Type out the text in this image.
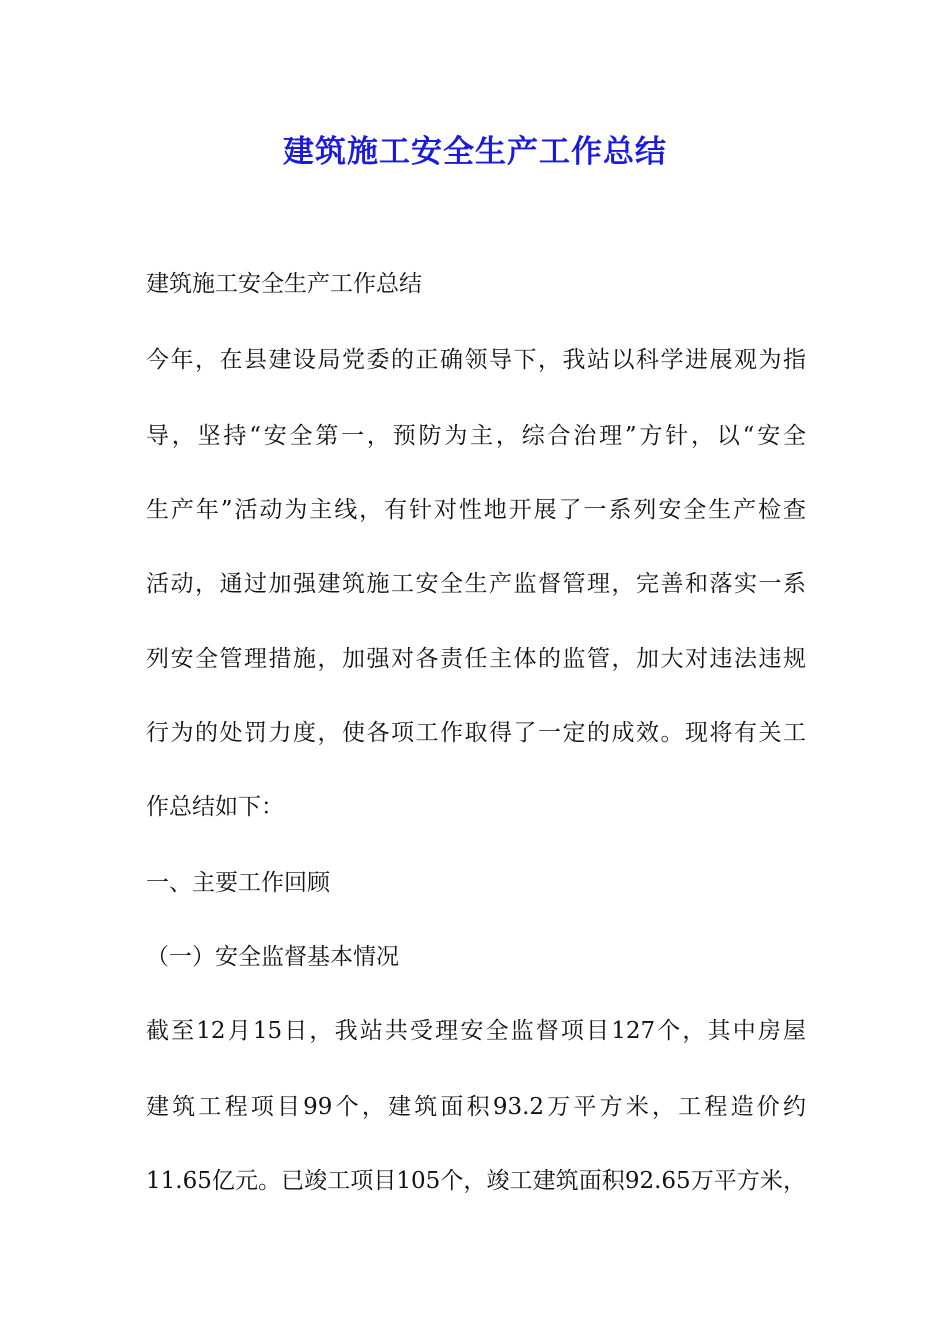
建筑施工安全生产工作总结

建筑施工安全生产工作总结

今年，在县建设局党委的正确领导下，我站以科学进展观为指

导，坚持“安全第一，预防为主，综合治理”方针，以“安全

生产年”活动为主线，有针对性地开展了一系列安全生产检查

活动，通过加强建筑施工安全生产监督管理，完善和落实一系

列安全管理措施，加强对各责任主体的监管，加大对违法违规

行为的处罚力度，使各项工作取得了一定的成效。现将有关工

作总结如下：

一、主要工作回顾

（一）安全监督基本情况

截至12月15日，我站共受理安全监督项目127个，其中房屋

建筑工程项目99个，建筑面积93.2万平方米，工程造价约

11.65亿元。已竣工项目105个，竣工建筑面积92.65万平方米，
